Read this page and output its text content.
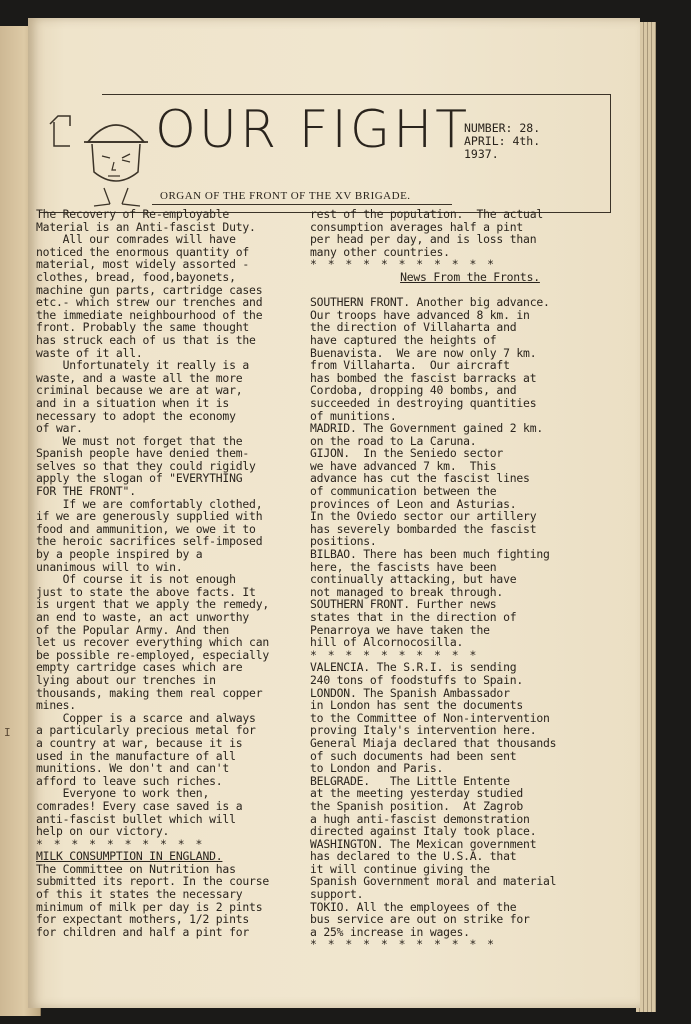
I
OUR FIGHT
NUMBER: 28.
APRIL: 4th.
1937.
ORGAN OF THE FRONT OF THE XV BRIGADE.
The Recovery of Re-employable
Material is an Anti-fascist Duty.
All our comrades will have
noticed the enormous quantity of
material, most widely assorted -
clothes, bread, food,bayonets,
machine gun parts, cartridge cases
etc.- which strew our trenches and
the immediate neighbourhood of the
front. Probably the same thought
has struck each of us that is the
waste of it all.
Unfortunately it really is a
waste, and a waste all the more
criminal because we are at war,
and in a situation when it is
necessary to adopt the economy
of war.
We must not forget that the
Spanish people have denied them-
selves so that they could rigidly
apply the slogan of "EVERYTHING
FOR THE FRONT".
If we are comfortably clothed,
if we are generously supplied with
food and ammunition, we owe it to
the heroic sacrifices self-imposed
by a people inspired by a
unanimous will to win.
Of course it is not enough
just to state the above facts. It
is urgent that we apply the remedy,
an end to waste, an act unworthy
of the Popular Army. And then
let us recover everything which can
be possible re-employed, especially
empty cartridge cases which are
lying about our trenches in
thousands, making them real copper
mines.
Copper is a scarce and always
a particularly precious metal for
a country at war, because it is
used in the manufacture of all
munitions. We don't and can't
afford to leave such riches.
Everyone to work then,
comrades! Every case saved is a
anti-fascist bullet which will
help on our victory.
* * * * * * * * * *
MILK CONSUMPTION IN ENGLAND.
The Committee on Nutrition has
submitted its report. In the course
of this it states the necessary
minimum of milk per day is 2 pints
for expectant mothers, 1/2 pints
for children and half a pint for
rest of the population.  The actual
consumption averages half a pint
per head per day, and is loss than
many other countries.
* * * * * * * * * * *
News From the Fronts.

SOUTHERN FRONT. Another big advance.
Our troops have advanced 8 km. in
the direction of Villaharta and
have captured the heights of
Buenavista.  We are now only 7 km.
from Villaharta.  Our aircraft
has bombed the fascist barracks at
Cordoba, dropping 40 bombs, and
succeeded in destroying quantities
of munitions.
MADRID. The Government gained 2 km.
on the road to La Caruna.
GIJON.  In the Seniedo sector
we have advanced 7 km.  This
advance has cut the fascist lines
of communication between the
provinces of Leon and Asturias.
In the Oviedo sector our artillery
has severely bombarded the fascist
positions.
BILBAO. There has been much fighting
here, the fascists have been
continually attacking, but have
not managed to break through.
SOUTHERN FRONT. Further news
states that in the direction of
Penarroya we have taken the
hill of Alcornocosilla.
* * * * * * * * * *
VALENCIA. The S.R.I. is sending
240 tons of foodstuffs to Spain.
LONDON. The Spanish Ambassador
in London has sent the documents
to the Committee of Non-intervention
proving Italy's intervention here.
General Miaja declared that thousands
of such documents had been sent
to London and Paris.
BELGRADE.   The Little Entente
at the meeting yesterday studied
the Spanish position.  At Zagrob
a hugh anti-fascist demonstration
directed against Italy took place.
WASHINGTON. The Mexican government
has declared to the U.S.A. that
it will continue giving the
Spanish Government moral and material
support.
TOKIO. All the employees of the
bus service are out on strike for
a 25% increase in wages.
* * * * * * * * * * *
